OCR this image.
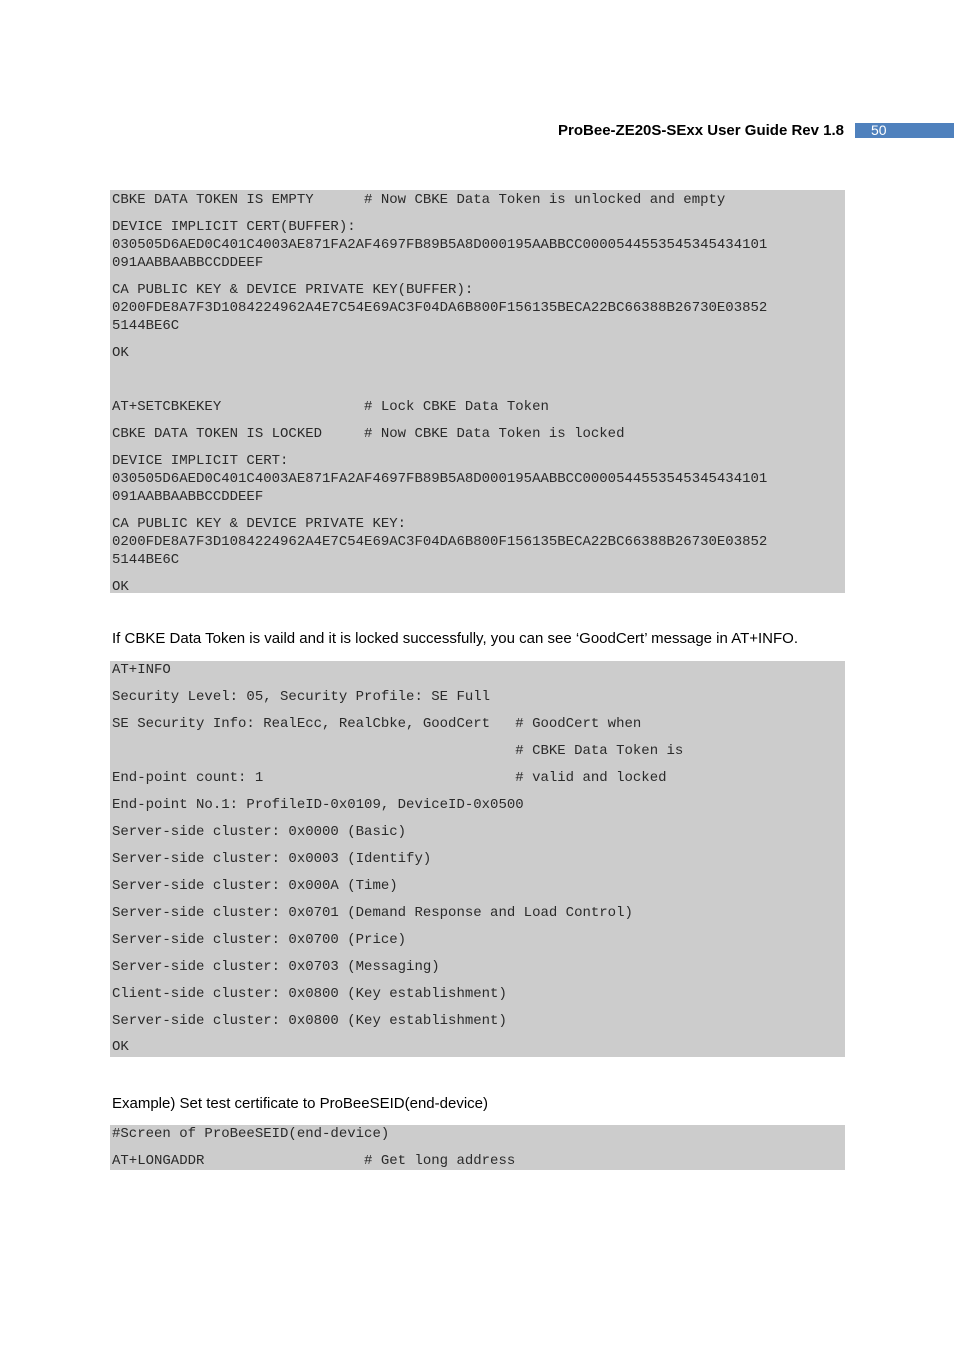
ProBee-ZE20S-SExx User Guide Rev 1.8	50
CBKE DATA TOKEN IS EMPTY      # Now CBKE Data Token is unlocked and empty
DEVICE IMPLICIT CERT(BUFFER):
030505D6AED0C401C4003AE871FA2AF4697FB89B5A8D000195AABBCC0000544553545345434101
091AABBAABBCCDDEEF
CA PUBLIC KEY & DEVICE PRIVATE KEY(BUFFER):
0200FDE8A7F3D1084224962A4E7C54E69AC3F04DA6B800F156135BECA22BC66388B26730E03852
5144BE6C
OK
AT+SETCBKEKEY                 # Lock CBKE Data Token
CBKE DATA TOKEN IS LOCKED     # Now CBKE Data Token is locked
DEVICE IMPLICIT CERT:
030505D6AED0C401C4003AE871FA2AF4697FB89B5A8D000195AABBCC0000544553545345434101
091AABBAABBCCDDEEF
CA PUBLIC KEY & DEVICE PRIVATE KEY:
0200FDE8A7F3D1084224962A4E7C54E69AC3F04DA6B800F156135BECA22BC66388B26730E03852
5144BE6C
OK
If CBKE Data Token is vaild and it is locked successfully, you can see ‘GoodCert’ message in AT+INFO.
AT+INFO
Security Level: 05, Security Profile: SE Full
SE Security Info: RealEcc, RealCbke, GoodCert   # GoodCert when
# CBKE Data Token is
End-point count: 1                              # valid and locked
End-point No.1: ProfileID-0x0109, DeviceID-0x0500
Server-side cluster: 0x0000 (Basic)
Server-side cluster: 0x0003 (Identify)
Server-side cluster: 0x000A (Time)
Server-side cluster: 0x0701 (Demand Response and Load Control)
Server-side cluster: 0x0700 (Price)
Server-side cluster: 0x0703 (Messaging)
Client-side cluster: 0x0800 (Key establishment)
Server-side cluster: 0x0800 (Key establishment)
OK
Example) Set test certificate to ProBeeSEID(end-device)
#Screen of ProBeeSEID(end-device)
AT+LONGADDR                   # Get long address
